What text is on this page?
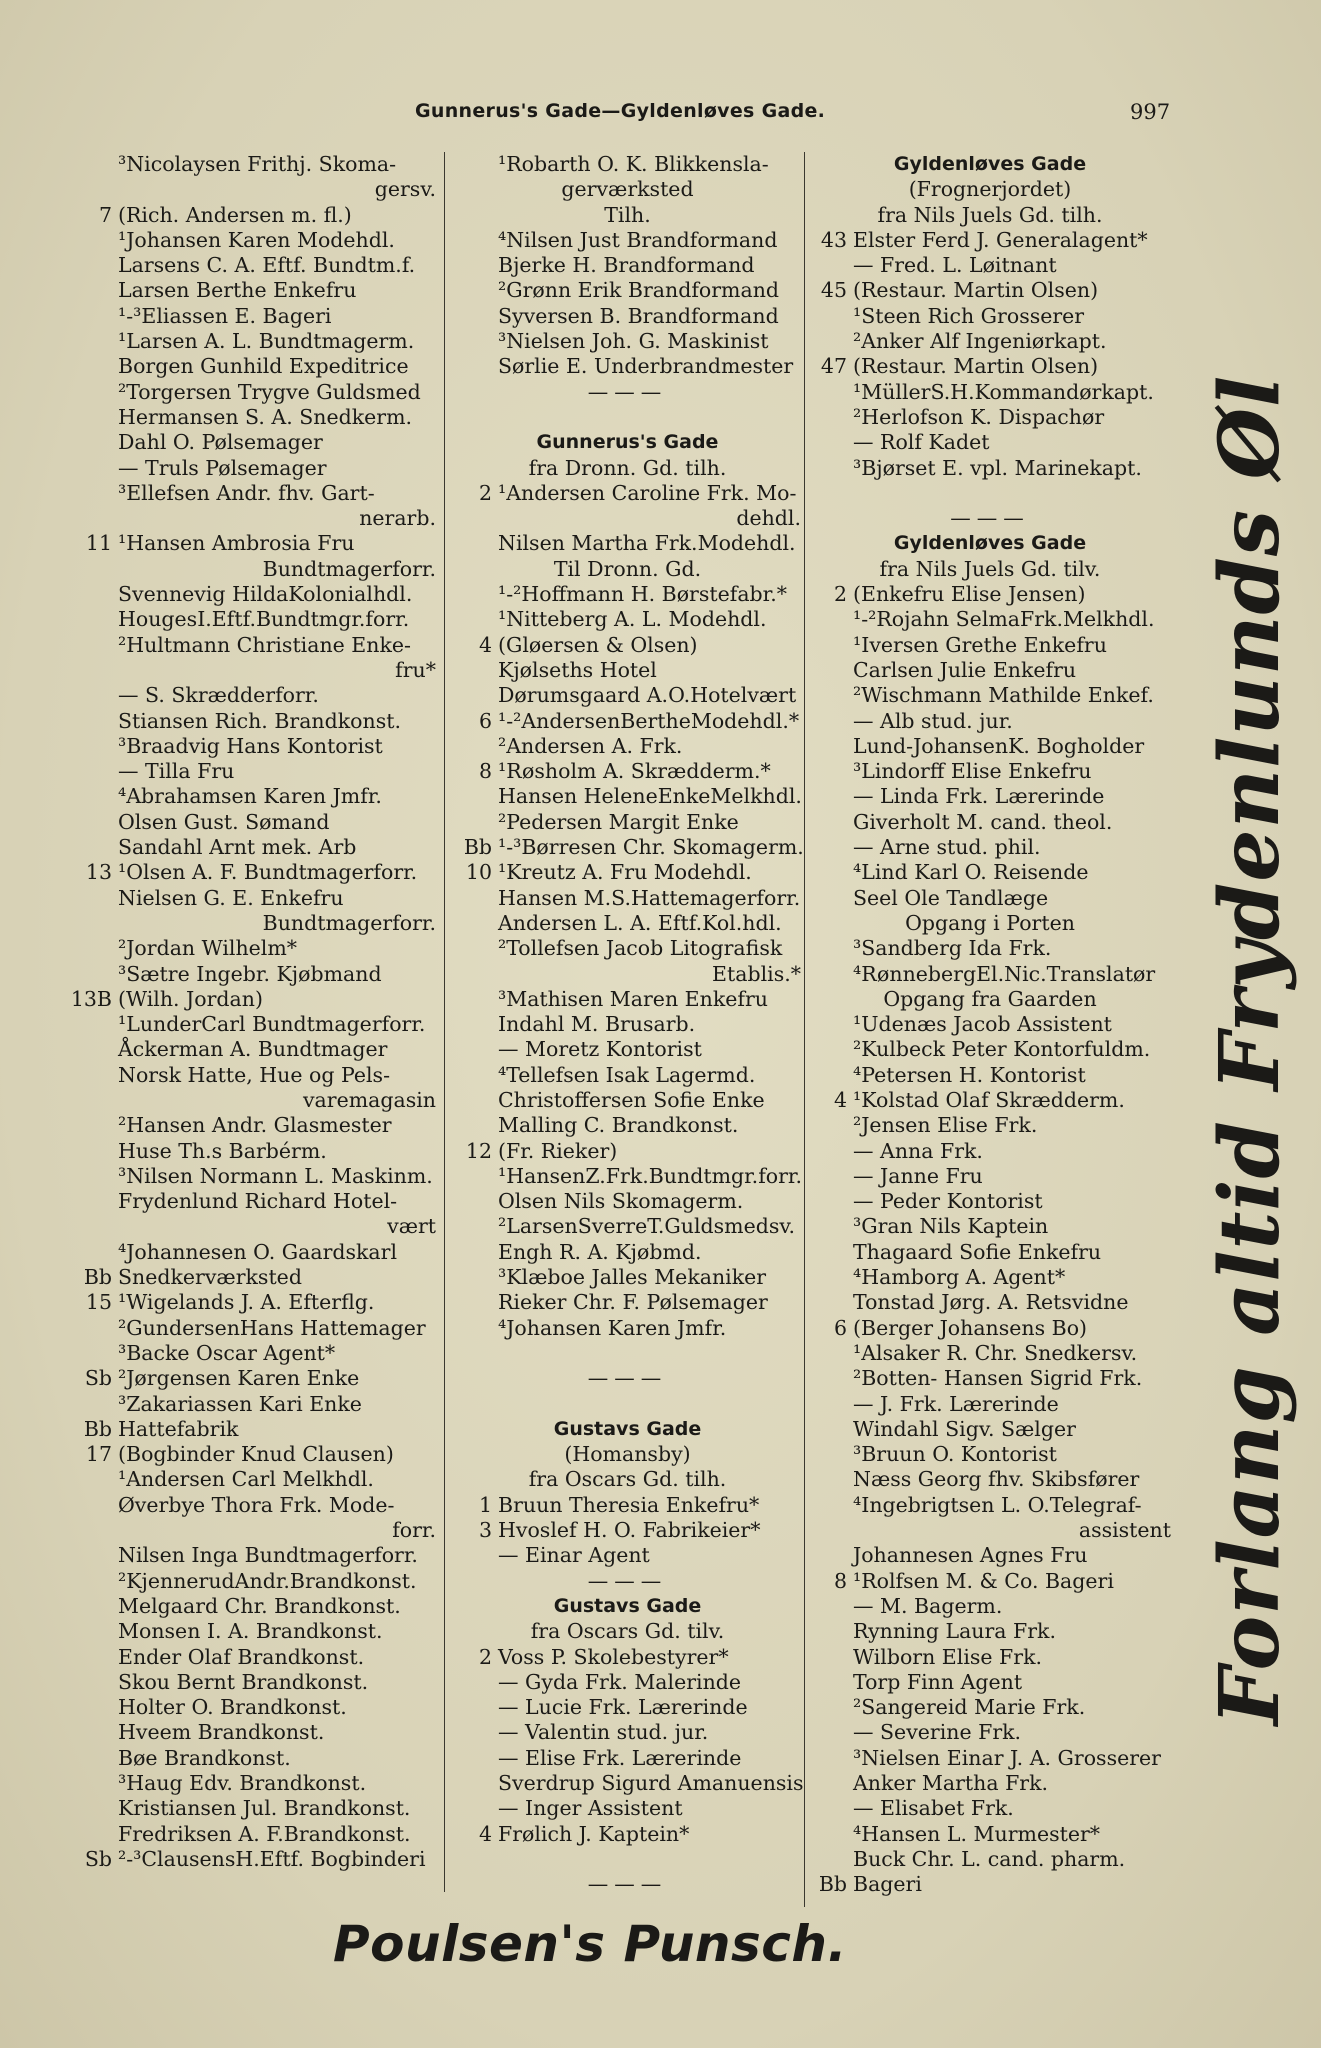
Gunnerus's Gade—Gyldenløves Gade.	997
³Nicolaysen Frithj. Skoma-
gersv.
7 (Rich. Andersen m. fl.)
¹Johansen Karen Modehdl.
Larsens C. A. Eftf. Bundtm.f.
Larsen Berthe Enkefru
¹-³Eliassen E. Bageri
¹Larsen A. L. Bundtmagerm.
Borgen Gunhild Expeditrice
²Torgersen Trygve Guldsmed
Hermansen S. A. Snedkerm.
Dahl O. Pølsemager
— Truls Pølsemager
³Ellefsen Andr. fhv. Gart-
nerarb.
11 ¹Hansen Ambrosia Fru
Bundtmagerforr.
Svennevig HildaKolonialhdl.
HougesI.Eftf.Bundtmgr.forr.
²Hultmann Christiane Enke-
fru*
— S. Skrædderforr.
Stiansen Rich. Brandkonst.
³Braadvig Hans Kontorist
— Tilla Fru
⁴Abrahamsen Karen Jmfr.
Olsen Gust. Sømand
Sandahl Arnt mek. Arb
13 ¹Olsen A. F. Bundtmagerforr.
Nielsen G. E. Enkefru
Bundtmagerforr.
²Jordan Wilhelm*
³Sætre Ingebr. Kjøbmand
13B (Wilh. Jordan)
¹LunderCarl Bundtmagerforr.
Åckerman A. Bundtmager
Norsk Hatte, Hue og Pels-
varemagasin
²Hansen Andr. Glasmester
Huse Th.s Barbérm.
³Nilsen Normann L. Maskinm.
Frydenlund Richard Hotel-
vært
⁴Johannesen O. Gaardskarl
Bb Snedkerværksted
15 ¹Wigelands J. A. Efterflg.
²GundersenHans Hattemager
³Backe Oscar Agent*
Sb ²Jørgensen Karen Enke
³Zakariassen Kari Enke
Bb Hattefabrik
17 (Bogbinder Knud Clausen)
¹Andersen Carl Melkhdl.
Øverbye Thora Frk. Mode-
forr.
Nilsen Inga Bundtmagerforr.
²KjennerudAndr.Brandkonst.
Melgaard Chr. Brandkonst.
Monsen I. A. Brandkonst.
Ender Olaf Brandkonst.
Skou Bernt Brandkonst.
Holter O. Brandkonst.
Hveem Brandkonst.
Bøe Brandkonst.
³Haug Edv. Brandkonst.
Kristiansen Jul. Brandkonst.
Fredriksen A. F.Brandkonst.
Sb ²-³ClausensH.Eftf. Bogbinderi
¹Robarth O. K. Blikkensla-
gerværksted
Tilh.
⁴Nilsen Just Brandformand
Bjerke H. Brandformand
²Grønn Erik Brandformand
Syversen B. Brandformand
³Nielsen Joh. G. Maskinist
Sørlie E. Underbrandmester
———
Gunnerus's Gade
fra Dronn. Gd. tilh.
2 ¹Andersen Caroline Frk. Mo-
dehdl.
Nilsen Martha Frk.Modehdl.
Til Dronn. Gd.
¹-²Hoffmann H. Børstefabr.*
¹Nitteberg A. L. Modehdl.
4 (Gløersen & Olsen)
Kjølseths Hotel
Dørumsgaard A.O.Hotelvært
6 ¹-²AndersenBertheModehdl.*
²Andersen A. Frk.
8 ¹Røsholm A. Skrædderm.*
Hansen HeleneEnkeMelkhdl.
²Pedersen Margit Enke
Bb ¹-³Børresen Chr. Skomagerm.
10 ¹Kreutz A. Fru Modehdl.
Hansen M.S.Hattemagerforr.
Andersen L. A. Eftf.Kol.hdl.
²Tollefsen Jacob Litografisk
Etablis.*
³Mathisen Maren Enkefru
Indahl M. Brusarb.
— Moretz Kontorist
⁴Tellefsen Isak Lagermd.
Christoffersen Sofie Enke
Malling C. Brandkonst.
12 (Fr. Rieker)
¹HansenZ.Frk.Bundtmgr.forr.
Olsen Nils Skomagerm.
²LarsenSverreT.Guldsmedsv.
Engh R. A. Kjøbmd.
³Klæboe Jalles Mekaniker
Rieker Chr. F. Pølsemager
⁴Johansen Karen Jmfr.
———
Gustavs Gade
(Homansby)
fra Oscars Gd. tilh.
1 Bruun Theresia Enkefru*
3 Hvoslef H. O. Fabrikeier*
— Einar Agent
———
Gustavs Gade
fra Oscars Gd. tilv.
2 Voss P. Skolebestyrer*
— Gyda Frk. Malerinde
— Lucie Frk. Lærerinde
— Valentin stud. jur.
— Elise Frk. Lærerinde
Sverdrup Sigurd Amanuensis
— Inger Assistent
4 Frølich J. Kaptein*
———
Gyldenløves Gade
(Frognerjordet)
fra Nils Juels Gd. tilh.
43 Elster Ferd J. Generalagent*
— Fred. L. Løitnant
45 (Restaur. Martin Olsen)
¹Steen Rich Grosserer
²Anker Alf Ingeniørkapt.
47 (Restaur. Martin Olsen)
¹MüllerS.H.Kommandørkapt.
²Herlofson K. Dispachør
— Rolf Kadet
³Bjørset E. vpl. Marinekapt.
———
Gyldenløves Gade
fra Nils Juels Gd. tilv.
2 (Enkefru Elise Jensen)
¹-²Rojahn SelmaFrk.Melkhdl.
¹Iversen Grethe Enkefru
Carlsen Julie Enkefru
²Wischmann Mathilde Enkef.
— Alb stud. jur.
Lund-JohansenK. Bogholder
³Lindorff Elise Enkefru
— Linda Frk. Lærerinde
Giverholt M. cand. theol.
— Arne stud. phil.
⁴Lind Karl O. Reisende
Seel Ole Tandlæge
Opgang i Porten
³Sandberg Ida Frk.
⁴RønnebergEl.Nic.Translatør
Opgang fra Gaarden
¹Udenæs Jacob Assistent
²Kulbeck Peter Kontorfuldm.
⁴Petersen H. Kontorist
4 ¹Kolstad Olaf Skrædderm.
²Jensen Elise Frk.
— Anna Frk.
— Janne Fru
— Peder Kontorist
³Gran Nils Kaptein
Thagaard Sofie Enkefru
⁴Hamborg A. Agent*
Tonstad Jørg. A. Retsvidne
6 (Berger Johansens Bo)
¹Alsaker R. Chr. Snedkersv.
²Botten- Hansen Sigrid Frk.
— J. Frk. Lærerinde
Windahl Sigv. Sælger
³Bruun O. Kontorist
Næss Georg fhv. Skibsfører
⁴Ingebrigtsen L. O.Telegraf-
assistent
Johannesen Agnes Fru
8 ¹Rolfsen M. & Co. Bageri
— M. Bagerm.
Rynning Laura Frk.
Wilborn Elise Frk.
Torp Finn Agent
²Sangereid Marie Frk.
— Severine Frk.
³Nielsen Einar J. A. Grosserer
Anker Martha Frk.
— Elisabet Frk.
⁴Hansen L. Murmester*
Buck Chr. L. cand. pharm.
Bb Bageri
Forlang altid Frydenlunds Øl
Poulsen's Punsch.
